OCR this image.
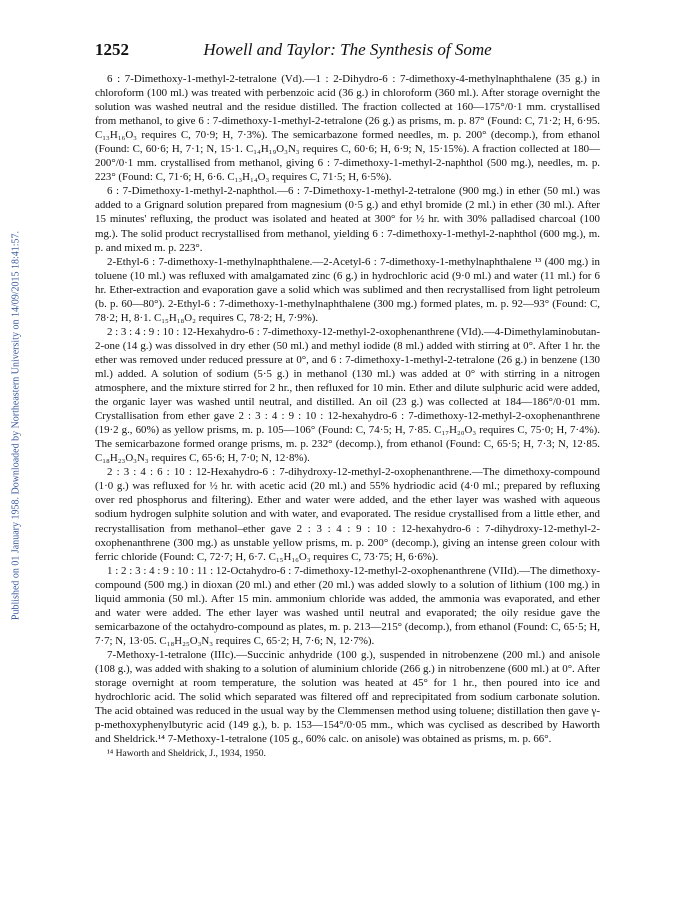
Published on 01 January 1958. Downloaded by Northeastern University on 14/09/2015 18:41:57.
1252	Howell and Taylor: The Synthesis of Some

6 : 7-Dimethoxy-1-methyl-2-tetralone (Vd).—1 : 2-Dihydro-6 : 7-dimethoxy-4-methylnaphthalene (35 g.) in chloroform (100 ml.) was treated with perbenzoic acid (36 g.) in chloroform (360 ml.). After storage overnight the solution was washed neutral and the residue distilled. The fraction collected at 160—175°/0·1 mm. crystallised from methanol, to give 6 : 7-dimethoxy-1-methyl-2-tetralone (26 g.) as prisms, m. p. 87° (Found: C, 71·2; H, 6·95. C₁₃H₁₆O₃ requires C, 70·9; H, 7·3%). The semicarbazone formed needles, m. p. 200° (decomp.), from ethanol (Found: C, 60·6; H, 7·1; N, 15·1. C₁₄H₁₉O₃N₃ requires C, 60·6; H, 6·9; N, 15·15%). A fraction collected at 180—200°/0·1 mm. crystallised from methanol, giving 6 : 7-dimethoxy-1-methyl-2-naphthol (500 mg.), needles, m. p. 223° (Found: C, 71·6; H, 6·6. C₁₃H₁₄O₃ requires C, 71·5; H, 6·5%).

6 : 7-Dimethoxy-1-methyl-2-naphthol.—6 : 7-Dimethoxy-1-methyl-2-tetralone (900 mg.) in ether (50 ml.) was added to a Grignard solution prepared from magnesium (0·5 g.) and ethyl bromide (2 ml.) in ether (30 ml.). After 15 minutes' refluxing, the product was isolated and heated at 300° for ½ hr. with 30% palladised charcoal (100 mg.). The solid product recrystallised from methanol, yielding 6 : 7-dimethoxy-1-methyl-2-naphthol (600 mg.), m. p. and mixed m. p. 223°.

2-Ethyl-6 : 7-dimethoxy-1-methylnaphthalene.—2-Acetyl-6 : 7-dimethoxy-1-methylnaphthalene ¹³ (400 mg.) in toluene (10 ml.) was refluxed with amalgamated zinc (6 g.) in hydrochloric acid (9·0 ml.) and water (11 ml.) for 6 hr. Ether-extraction and evaporation gave a solid which was sublimed and then recrystallised from light petroleum (b. p. 60—80°). 2-Ethyl-6 : 7-dimethoxy-1-methylnaphthalene (300 mg.) formed plates, m. p. 92—93° (Found: C, 78·2; H, 8·1. C₁₅H₁₈O₂ requires C, 78·2; H, 7·9%).

2 : 3 : 4 : 9 : 10 : 12-Hexahydro-6 : 7-dimethoxy-12-methyl-2-oxophenanthrene (VId).—4-Dimethylaminobutan-2-one (14 g.) was dissolved in dry ether (50 ml.) and methyl iodide (8 ml.) added with stirring at 0°. After 1 hr. the ether was removed under reduced pressure at 0°, and 6 : 7-dimethoxy-1-methyl-2-tetralone (26 g.) in benzene (130 ml.) added. A solution of sodium (5·5 g.) in methanol (130 ml.) was added at 0° with stirring in a nitrogen atmosphere, and the mixture stirred for 2 hr., then refluxed for 10 min. Ether and dilute sulphuric acid were added, the organic layer was washed until neutral, and distilled. An oil (23 g.) was collected at 184—186°/0·01 mm. Crystallisation from ether gave 2 : 3 : 4 : 9 : 10 : 12-hexahydro-6 : 7-dimethoxy-12-methyl-2-oxophenanthrene (19·2 g., 60%) as yellow prisms, m. p. 105—106° (Found: C, 74·5; H, 7·85. C₁₇H₂₀O₃ requires C, 75·0; H, 7·4%). The semicarbazone formed orange prisms, m. p. 232° (decomp.), from ethanol (Found: C, 65·5; H, 7·3; N, 12·85. C₁₈H₂₃O₃N₃ requires C, 65·6; H, 7·0; N, 12·8%).

2 : 3 : 4 : 6 : 10 : 12-Hexahydro-6 : 7-dihydroxy-12-methyl-2-oxophenanthrene.—The dimethoxy-compound (1·0 g.) was refluxed for ½ hr. with acetic acid (20 ml.) and 55% hydriodic acid (4·0 ml.; prepared by refluxing over red phosphorus and filtering). Ether and water were added, and the ether layer was washed with aqueous sodium hydrogen sulphite solution and with water, and evaporated. The residue crystallised from a little ether, and recrystallisation from methanol–ether gave 2 : 3 : 4 : 9 : 10 : 12-hexahydro-6 : 7-dihydroxy-12-methyl-2-oxophenanthrene (300 mg.) as unstable yellow prisms, m. p. 200° (decomp.), giving an intense green colour with ferric chloride (Found: C, 72·7; H, 6·7. C₁₅H₁₆O₃ requires C, 73·75; H, 6·6%).

1 : 2 : 3 : 4 : 9 : 10 : 11 : 12-Octahydro-6 : 7-dimethoxy-12-methyl-2-oxophenanthrene (VIId).—The dimethoxy-compound (500 mg.) in dioxan (20 ml.) and ether (20 ml.) was added slowly to a solution of lithium (100 mg.) in liquid ammonia (50 ml.). After 15 min. ammonium chloride was added, the ammonia was evaporated, and ether and water were added. The ether layer was washed until neutral and evaporated; the oily residue gave the semicarbazone of the octahydro-compound as plates, m. p. 213—215° (decomp.), from ethanol (Found: C, 65·5; H, 7·7; N, 13·05. C₁₈H₂₅O₃N₃ requires C, 65·2; H, 7·6; N, 12·7%).

7-Methoxy-1-tetralone (IIIc).—Succinic anhydride (100 g.), suspended in nitrobenzene (200 ml.) and anisole (108 g.), was added with shaking to a solution of aluminium chloride (266 g.) in nitrobenzene (600 ml.) at 0°. After storage overnight at room temperature, the solution was heated at 45° for 1 hr., then poured into ice and hydrochloric acid. The solid which separated was filtered off and reprecipitated from sodium carbonate solution. The acid obtained was reduced in the usual way by the Clemmensen method using toluene; distillation then gave γ-p-methoxyphenylbutyric acid (149 g.), b. p. 153—154°/0·05 mm., which was cyclised as described by Haworth and Sheldrick.¹⁴ 7-Methoxy-1-tetralone (105 g., 60% calc. on anisole) was obtained as prisms, m. p. 66°.

¹⁴ Haworth and Sheldrick, J., 1934, 1950.
